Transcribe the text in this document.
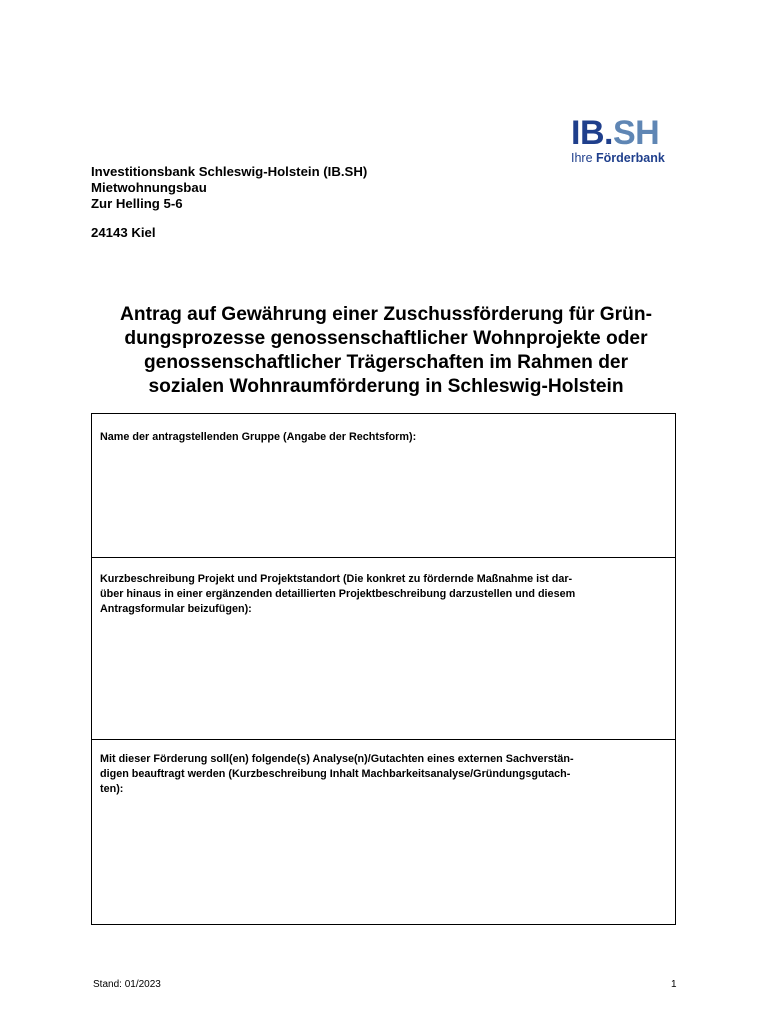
IB.SH
Ihre Förderbank
Investitionsbank Schleswig-Holstein (IB.SH)
Mietwohnungsbau
Zur Helling 5-6
24143 Kiel
Antrag auf Gewährung einer Zuschussförderung für Grün-
dungsprozesse genossenschaftlicher Wohnprojekte oder
genossenschaftlicher Trägerschaften im Rahmen der
sozialen Wohnraumförderung in Schleswig-Holstein
Name der antragstellenden Gruppe (Angabe der Rechtsform):
Kurzbeschreibung Projekt und Projektstandort (Die konkret zu fördernde Maßnahme ist dar-
über hinaus in einer ergänzenden detaillierten Projektbeschreibung darzustellen und diesem
Antragsformular beizufügen):
Mit dieser Förderung soll(en) folgende(s) Analyse(n)/Gutachten eines externen Sachverstän-
digen beauftragt werden (Kurzbeschreibung Inhalt Machbarkeitsanalyse/Gründungsgutach-
ten):
Stand: 01/2023	1
